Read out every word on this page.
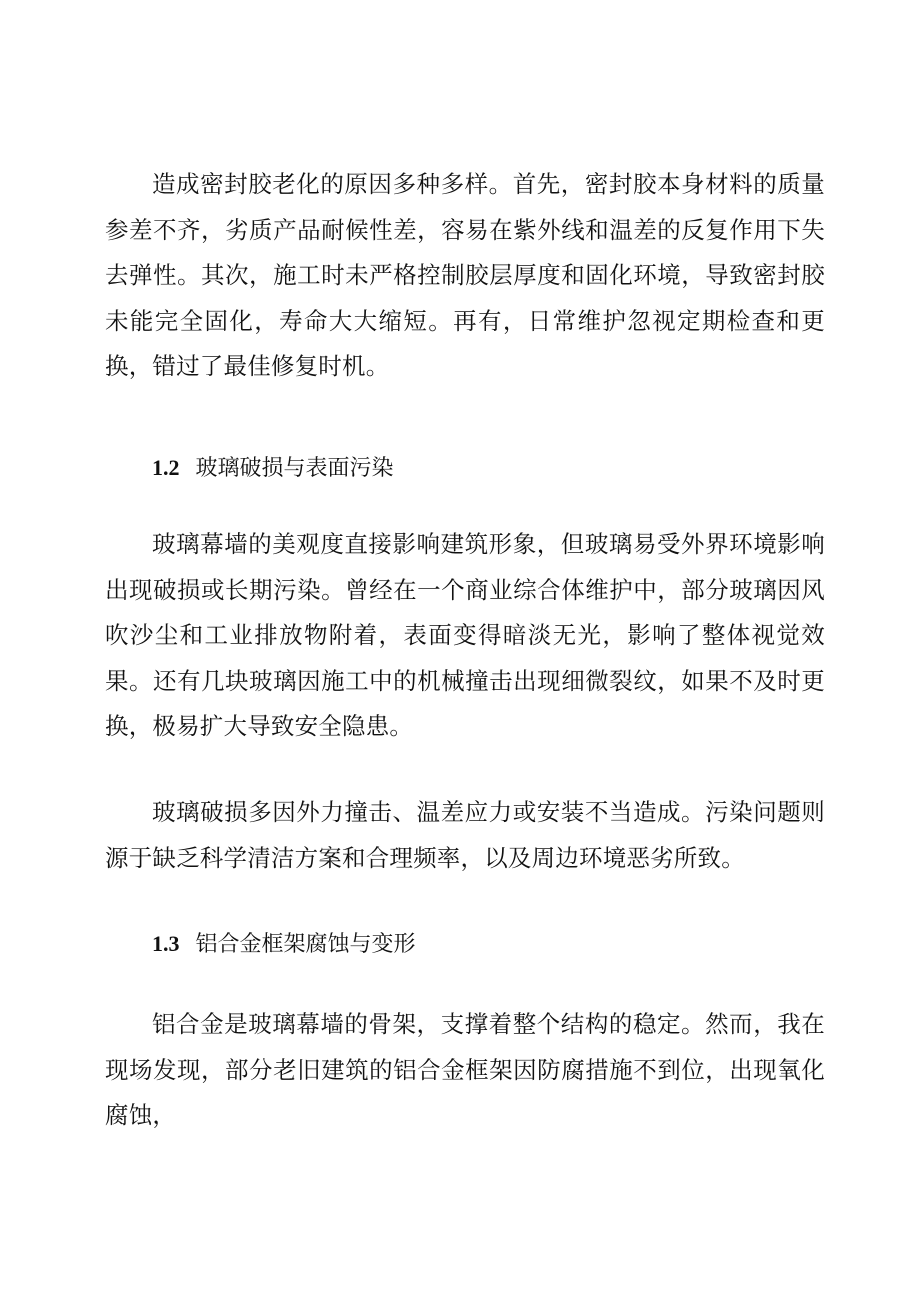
造成密封胶老化的原因多种多样。首先，密封胶本身材料的质量参差不齐，劣质产品耐候性差，容易在紫外线和温差的反复作用下失去弹性。其次，施工时未严格控制胶层厚度和固化环境，导致密封胶未能完全固化，寿命大大缩短。再有，日常维护忽视定期检查和更换，错过了最佳修复时机。

1.2 玻璃破损与表面污染

玻璃幕墙的美观度直接影响建筑形象，但玻璃易受外界环境影响出现破损或长期污染。曾经在一个商业综合体维护中，部分玻璃因风吹沙尘和工业排放物附着，表面变得暗淡无光，影响了整体视觉效果。还有几块玻璃因施工中的机械撞击出现细微裂纹，如果不及时更换，极易扩大导致安全隐患。

玻璃破损多因外力撞击、温差应力或安装不当造成。污染问题则源于缺乏科学清洁方案和合理频率，以及周边环境恶劣所致。

1.3 铝合金框架腐蚀与变形

铝合金是玻璃幕墙的骨架，支撑着整个结构的稳定。然而，我在现场发现，部分老旧建筑的铝合金框架因防腐措施不到位，出现氧化腐蚀，
